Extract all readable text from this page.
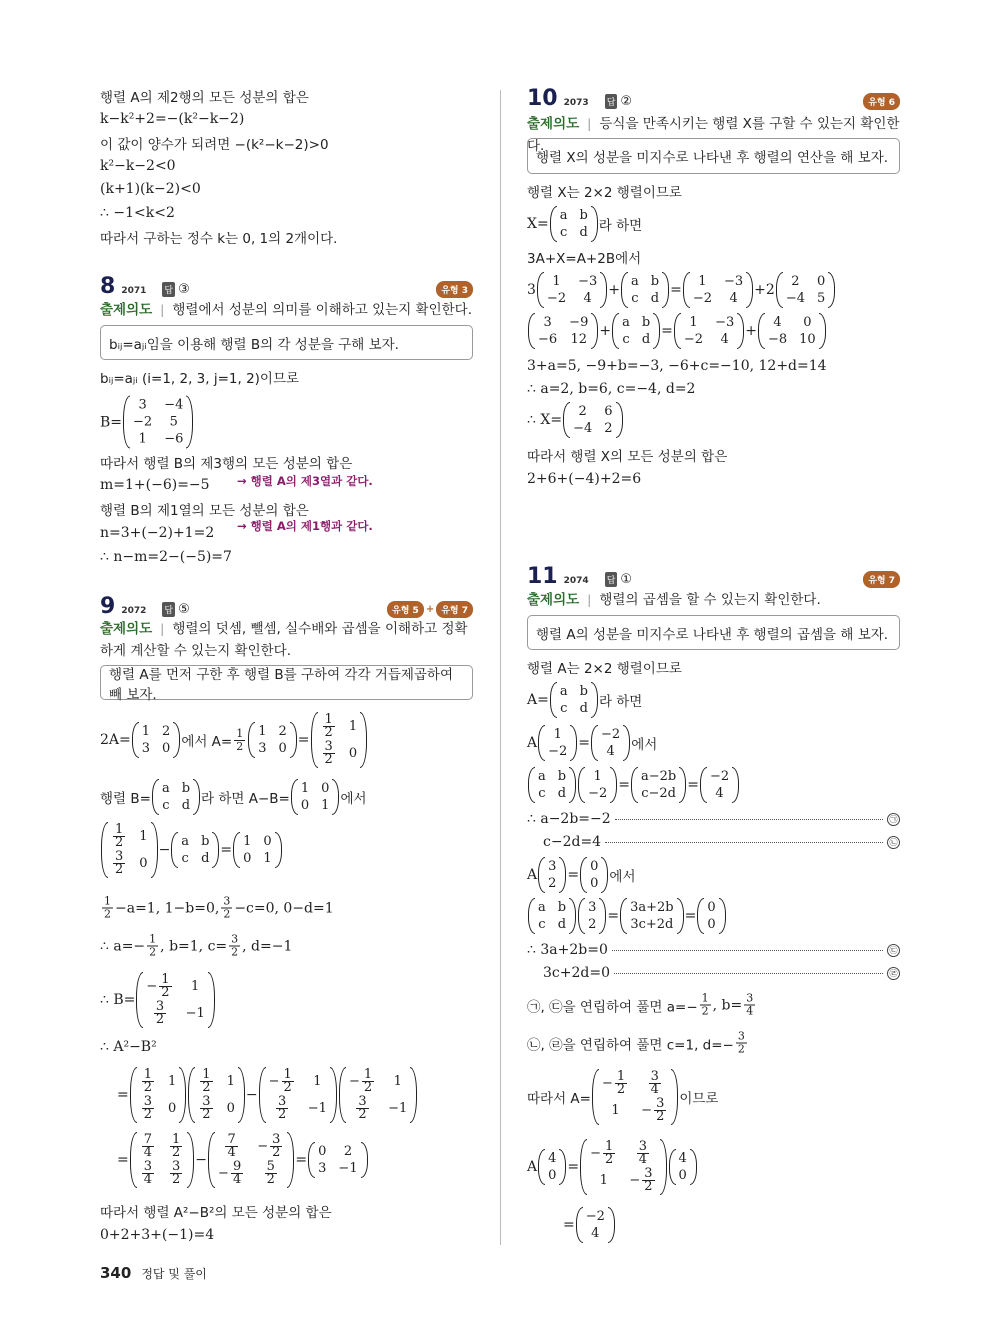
행렬 A의 제2행의 모든 성분의 합은
k−k²+2=−(k²−k−2)
이 값이 양수가 되려면 −(k²−k−2)>0
k²−k−2<0
(k+1)(k−2)<0
∴ −1<k<2
따라서 구하는 정수 k는 0, 1의 2개이다.
8 2071 답 ③	유형 3
출제의도 | 행렬에서 성분의 의미를 이해하고 있는지 확인한다.
bᵢⱼ=aⱼᵢ임을 이용해 행렬 B의 각 성분을 구해 보자.
bᵢⱼ=aⱼᵢ (i=1, 2, 3, j=1, 2)이므로
B=
3 −4
−2 5
1 −6
따라서 행렬 B의 제3행의 모든 성분의 합은
m=1+(−6)=−5
행렬 B의 제1열의 모든 성분의 합은
n=3+(−2)+1=2
∴ n−m=2−(−5)=7
→ 행렬 A의 제3열과 같다.
→ 행렬 A의 제1행과 같다.
9 2072 답 ⑤	유형 5 + 유형 7
출제의도 | 행렬의 덧셈, 뺄셈, 실수배와 곱셈을 이해하고 정확하게 계산할 수 있는지 확인한다.
행렬 A를 먼저 구한 후 행렬 B를 구하여 각각 거듭제곱하여 빼 보자.
2A=
1 2
3 0 에서 $A= \frac{1}{2} 1$ 2
3 0
=
$\frac{1}{2} 1$
$\frac{3}{2} 0$
행렬 B=
a b
c d 라 하면 A−B=
1 0
0 1 에서
$\frac{1}{2} 1$
$\frac{3}{2} 0$
−
a b
c d
=
1 0
0 1
$\frac{1}{2} -a=1$, 1−b=0, $\frac{3}{2} -c=0$, 0−d=1
∴ $a=- \frac{1}{2}$ , b=1, $c= \frac{3}{2}$ , d=−1
∴ B=
− $\frac{1}{2} 1$
$\frac{3}{2} -1$
∴ A²−B²
=
$\frac{1}{2} 1$
$\frac{3}{2} 0$
$\frac{1}{2} 1$
$\frac{3}{2} 0$
−
− $\frac{1}{2} 1$
$\frac{3}{2} -1$
− $\frac{1}{2} 1$
$\frac{3}{2} -1$
=
$\frac{7}{4} \frac{1}{2}$
$\frac{3}{4} \frac{3}{2}$
−
$\frac{7}{4} - \frac{3}{2}$
− $\frac{9}{4} \frac{5}{2}$
=
0 2
3 −1
따라서 행렬 A²−B²의 모든 성분의 합은
0+2+3+(−1)=4
10 2073 답 ②	유형 6
출제의도 | 등식을 만족시키는 행렬 X를 구할 수 있는지 확인한다.
행렬 X의 성분을 미지수로 나타낸 후 행렬의 연산을 해 보자.
행렬 X는 2×2 행렬이므로
X=
a b
c d 라 하면
3A+X=A+2B에서
3
1 −3
−2 4
+
a b
c d
=
1 −3
−2 4
+2
2 0
−4 5
3 −9
−6 12
+
a b
c d
=
1 −3
−2 4
+
4 0
−8 10
3+a=5, −9+b=−3, −6+c=−10, 12+d=14
∴ a=2, b=6, c=−4, d=2
∴ X=
2 6
−4 2
따라서 행렬 X의 모든 성분의 합은
2+6+(−4)+2=6
11 2074 답 ①	유형 7
출제의도 | 행렬의 곱셈을 할 수 있는지 확인한다.
행렬 A의 성분을 미지수로 나타낸 후 행렬의 곱셈을 해 보자.
행렬 A는 2×2 행렬이므로
A=
a b
c d 라 하면
A
1
−2
=
−2
4 에서
a b
c d
1
−2
=
a−2b
c−2d
=
−2
4
∴ a−2b=−2	㉠
c−2d=4	㉡
A
3
2
=
0
0 에서
a b
c d
3
2
=
3a+2b
3c+2d
=
0
0
∴ 3a+2b=0	㉢
3c+2d=0	㉣
㉠, ㉢을 연립하여 풀면 $a=- \frac{1}{2}$ , $b= \frac{3}{4}$
㉡, ㉣을 연립하여 풀면 c=1, $d=- \frac{3}{2}$
따라서 A=
− $\frac{1}{2} \frac{3}{4}$
$1 - \frac{3}{2}$ 이므로
A
4
0
=
− $\frac{1}{2} \frac{3}{4}$
$1 - \frac{3}{2}$
4
0
=
−2
4
340 정답 및 풀이
